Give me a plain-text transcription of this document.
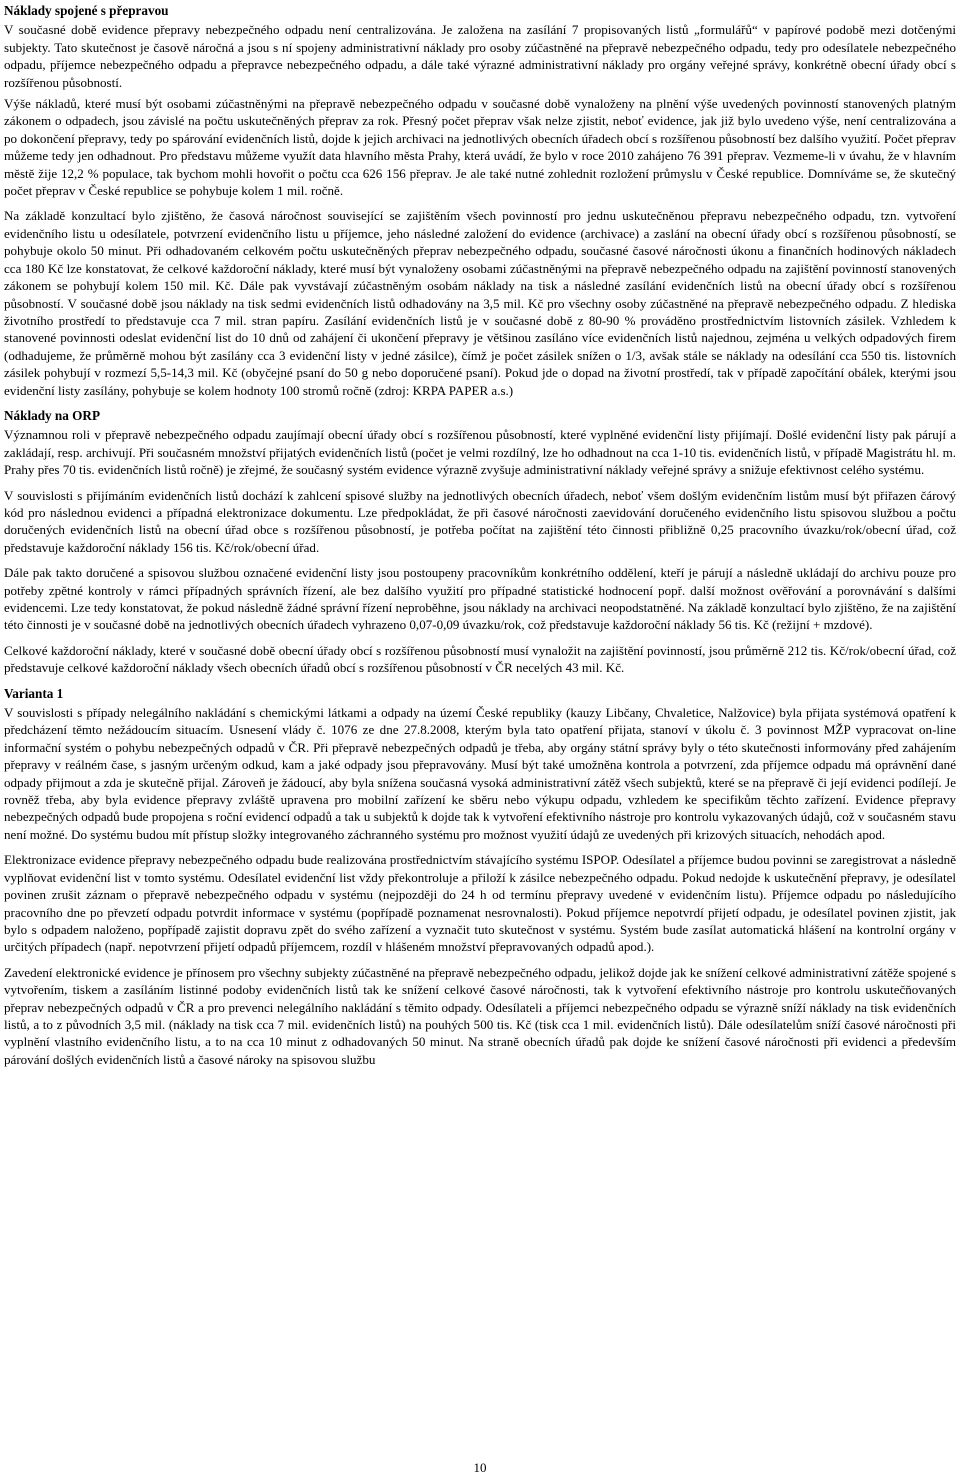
Náklady spojené s přepravou

V současné době evidence přepravy nebezpečného odpadu není centralizována. Je založena na zasílání 7 propisovaných listů „formulářů“ v papírové podobě mezi dotčenými subjekty. Tato skutečnost je časově náročná a jsou s ní spojeny administrativní náklady pro osoby zúčastněné na přepravě nebezpečného odpadu, tedy pro odesílatele nebezpečného odpadu, příjemce nebezpečného odpadu a přepravce nebezpečného odpadu, a dále také výrazné administrativní náklady pro orgány veřejné správy, konkrétně obecní úřady obcí s rozšířenou působností.

Výše nákladů, které musí být osobami zúčastněnými na přepravě nebezpečného odpadu v současné době vynaloženy na plnění výše uvedených povinností stanovených platným zákonem o odpadech, jsou závislé na počtu uskutečněných přeprav za rok. Přesný počet přeprav však nelze zjistit, neboť evidence, jak již bylo uvedeno výše, není centralizována a po dokončení přepravy, tedy po spárování evidenčních listů, dojde k jejich archivaci na jednotlivých obecních úřadech obcí s rozšířenou působností bez dalšího využití. Počet přeprav můžeme tedy jen odhadnout. Pro představu můžeme využít data hlavního města Prahy, která uvádí, že bylo v roce 2010 zahájeno 76 391 přeprav. Vezmeme-li v úvahu, že v hlavním městě žije 12,2 % populace, tak bychom mohli hovořit o počtu cca 626 156 přeprav. Je ale také nutné zohlednit rozložení průmyslu v České republice. Domníváme se, že skutečný počet přeprav v České republice se pohybuje kolem 1 mil. ročně.

Na základě konzultací bylo zjištěno, že časová náročnost související se zajištěním všech povinností pro jednu uskutečněnou přepravu nebezpečného odpadu, tzn. vytvoření evidenčního listu u odesílatele, potvrzení evidenčního listu u příjemce, jeho následné založení do evidence (archivace) a zaslání na obecní úřady obcí s rozšířenou působností, se pohybuje okolo 50 minut. Při odhadovaném celkovém počtu uskutečněných přeprav nebezpečného odpadu, současné časové náročnosti úkonu a finančních hodinových nákladech cca 180 Kč lze konstatovat, že celkové každoroční náklady, které musí být vynaloženy osobami zúčastněnými na přepravě nebezpečného odpadu na zajištění povinností stanovených zákonem se pohybují kolem 150 mil. Kč. Dále pak vyvstávají zúčastněným osobám náklady na tisk a následné zasílání evidenčních listů na obecní úřady obcí s rozšířenou působností. V současné době jsou náklady na tisk sedmi evidenčních listů odhadovány na 3,5 mil. Kč pro všechny osoby zúčastněné na přepravě nebezpečného odpadu. Z hlediska životního prostředí to představuje cca 7 mil. stran papíru. Zasílání evidenčních listů je v současné době z 80-90 % prováděno prostřednictvím listovních zásilek. Vzhledem k stanovené povinnosti odeslat evidenční list do 10 dnů od zahájení či ukončení přepravy je většinou zasíláno více evidenčních listů najednou, zejména u velkých odpadových firem (odhadujeme, že průměrně mohou být zasílány cca 3 evidenční listy v jedné zásilce), čímž je počet zásilek snížen o 1/3, avšak stále se náklady na odesílání cca 550 tis. listovních zásilek pohybují v rozmezí 5,5-14,3 mil. Kč (obyčejné psaní do 50 g nebo doporučené psaní). Pokud jde o dopad na životní prostředí, tak v případě započítání obálek, kterými jsou evidenční listy zasílány, pohybuje se kolem hodnoty 100 stromů ročně (zdroj: KRPA PAPER a.s.)

Náklady na ORP

Významnou roli v přepravě nebezpečného odpadu zaujímají obecní úřady obcí s rozšířenou působností, které vyplněné evidenční listy přijímají. Došlé evidenční listy pak párují a zakládají, resp. archivují. Při současném množství přijatých evidenčních listů (počet je velmi rozdílný, lze ho odhadnout na cca 1-10 tis. evidenčních listů, v případě Magistrátu hl. m. Prahy přes 70 tis. evidenčních listů ročně) je zřejmé, že současný systém evidence výrazně zvyšuje administrativní náklady veřejné správy a snižuje efektivnost celého systému.

V souvislosti s přijímáním evidenčních listů dochází k zahlcení spisové služby na jednotlivých obecních úřadech, neboť všem došlým evidenčním listům musí být přiřazen čárový kód pro následnou evidenci a případná elektronizace dokumentu. Lze předpokládat, že při časové náročnosti zaevidování doručeného evidenčního listu spisovou službou a počtu doručených evidenčních listů na obecní úřad obce s rozšířenou působností, je potřeba počítat na zajištění této činnosti přibližně 0,25 pracovního úvazku/rok/obecní úřad, což představuje každoroční náklady 156 tis. Kč/rok/obecní úřad.

Dále pak takto doručené a spisovou službou označené evidenční listy jsou postoupeny pracovníkům konkrétního oddělení, kteří je párují a následně ukládají do archivu pouze pro potřeby zpětné kontroly v rámci případných správních řízení, ale bez dalšího využití pro případné statistické hodnocení popř. další možnost ověřování a porovnávání s dalšími evidencemi. Lze tedy konstatovat, že pokud následně žádné správní řízení neproběhne, jsou náklady na archivaci neopodstatněné. Na základě konzultací bylo zjištěno, že na zajištění této činnosti je v současné době na jednotlivých obecních úřadech vyhrazeno 0,07-0,09 úvazku/rok, což představuje každoroční náklady 56 tis. Kč (režijní + mzdové).

Celkové každoroční náklady, které v současné době obecní úřady obcí s rozšířenou působností musí vynaložit na zajištění povinností, jsou průměrně 212 tis. Kč/rok/obecní úřad, což představuje celkové každoroční náklady všech obecních úřadů obcí s rozšířenou působností v ČR necelých 43 mil. Kč.

Varianta 1

V souvislosti s případy nelegálního nakládání s chemickými látkami a odpady na území České republiky (kauzy Libčany, Chvaletice, Nalžovice) byla přijata systémová opatření k předcházení těmto nežádoucím situacím. Usnesení vlády č. 1076 ze dne 27.8.2008, kterým byla tato opatření přijata, stanoví v úkolu č. 3 povinnost MŽP vypracovat on-line informační systém o pohybu nebezpečných odpadů v ČR. Při přepravě nebezpečných odpadů je třeba, aby orgány státní správy byly o této skutečnosti informovány před zahájením přepravy v reálném čase, s jasným určeným odkud, kam a jaké odpady jsou přepravovány. Musí být také umožněna kontrola a potvrzení, zda příjemce odpadu má oprávnění dané odpady přijmout a zda je skutečně přijal. Zároveň je žádoucí, aby byla snížena současná vysoká administrativní zátěž všech subjektů, které se na přepravě či její evidenci podílejí. Je rovněž třeba, aby byla evidence přepravy zvláště upravena pro mobilní zařízení ke sběru nebo výkupu odpadu, vzhledem ke specifikům těchto zařízení. Evidence přepravy nebezpečných odpadů bude propojena s roční evidencí odpadů a tak u subjektů k dojde tak k vytvoření efektivního nástroje pro kontrolu vykazovaných údajů, což v současném stavu není možné. Do systému budou mít přístup složky integrovaného záchranného systému pro možnost využití údajů ze uvedených při krizových situacích, nehodách apod.

Elektronizace evidence přepravy nebezpečného odpadu bude realizována prostřednictvím stávajícího systému ISPOP. Odesílatel a příjemce budou povinni se zaregistrovat a následně vyplňovat evidenční list v tomto systému. Odesílatel evidenční list vždy překontroluje a přiloží k zásilce nebezpečného odpadu. Pokud nedojde k uskutečnění přepravy, je odesílatel povinen zrušit záznam o přepravě nebezpečného odpadu v systému (nejpozději do 24 h od termínu přepravy uvedené v evidenčním listu). Příjemce odpadu po následujícího pracovního dne po převzetí odpadu potvrdit informace v systému (popřípadě poznamenat nesrovnalosti). Pokud příjemce nepotvrdí přijetí odpadu, je odesílatel povinen zjistit, jak bylo s odpadem naloženo, popřípadě zajistit dopravu zpět do svého zařízení a vyznačit tuto skutečnost v systému. Systém bude zasílat automatická hlášení na kontrolní orgány v určitých případech (např. nepotvrzení přijetí odpadů příjemcem, rozdíl v hlášeném množství přepravovaných odpadů apod.).

Zavedení elektronické evidence je přínosem pro všechny subjekty zúčastněné na přepravě nebezpečného odpadu, jelikož dojde jak ke snížení celkové administrativní zátěže spojené s vytvořením, tiskem a zasíláním listinné podoby evidenčních listů tak ke snížení celkové časové náročnosti, tak k vytvoření efektivního nástroje pro kontrolu uskutečňovaných přeprav nebezpečných odpadů v ČR a pro prevenci nelegálního nakládání s těmito odpady. Odesílateli a příjemci nebezpečného odpadu se výrazně sníží náklady na tisk evidenčních listů, a to z původních 3,5 mil. (náklady na tisk cca 7 mil. evidenčních listů) na pouhých 500 tis. Kč (tisk cca 1 mil. evidenčních listů). Dále odesílatelům sníží časové náročnosti při vyplnění vlastního evidenčního listu, a to na cca 10 minut z odhadovaných 50 minut. Na straně obecních úřadů pak dojde ke snížení časové náročnosti při evidenci a především párování došlých evidenčních listů a časové nároky na spisovou službu

10
